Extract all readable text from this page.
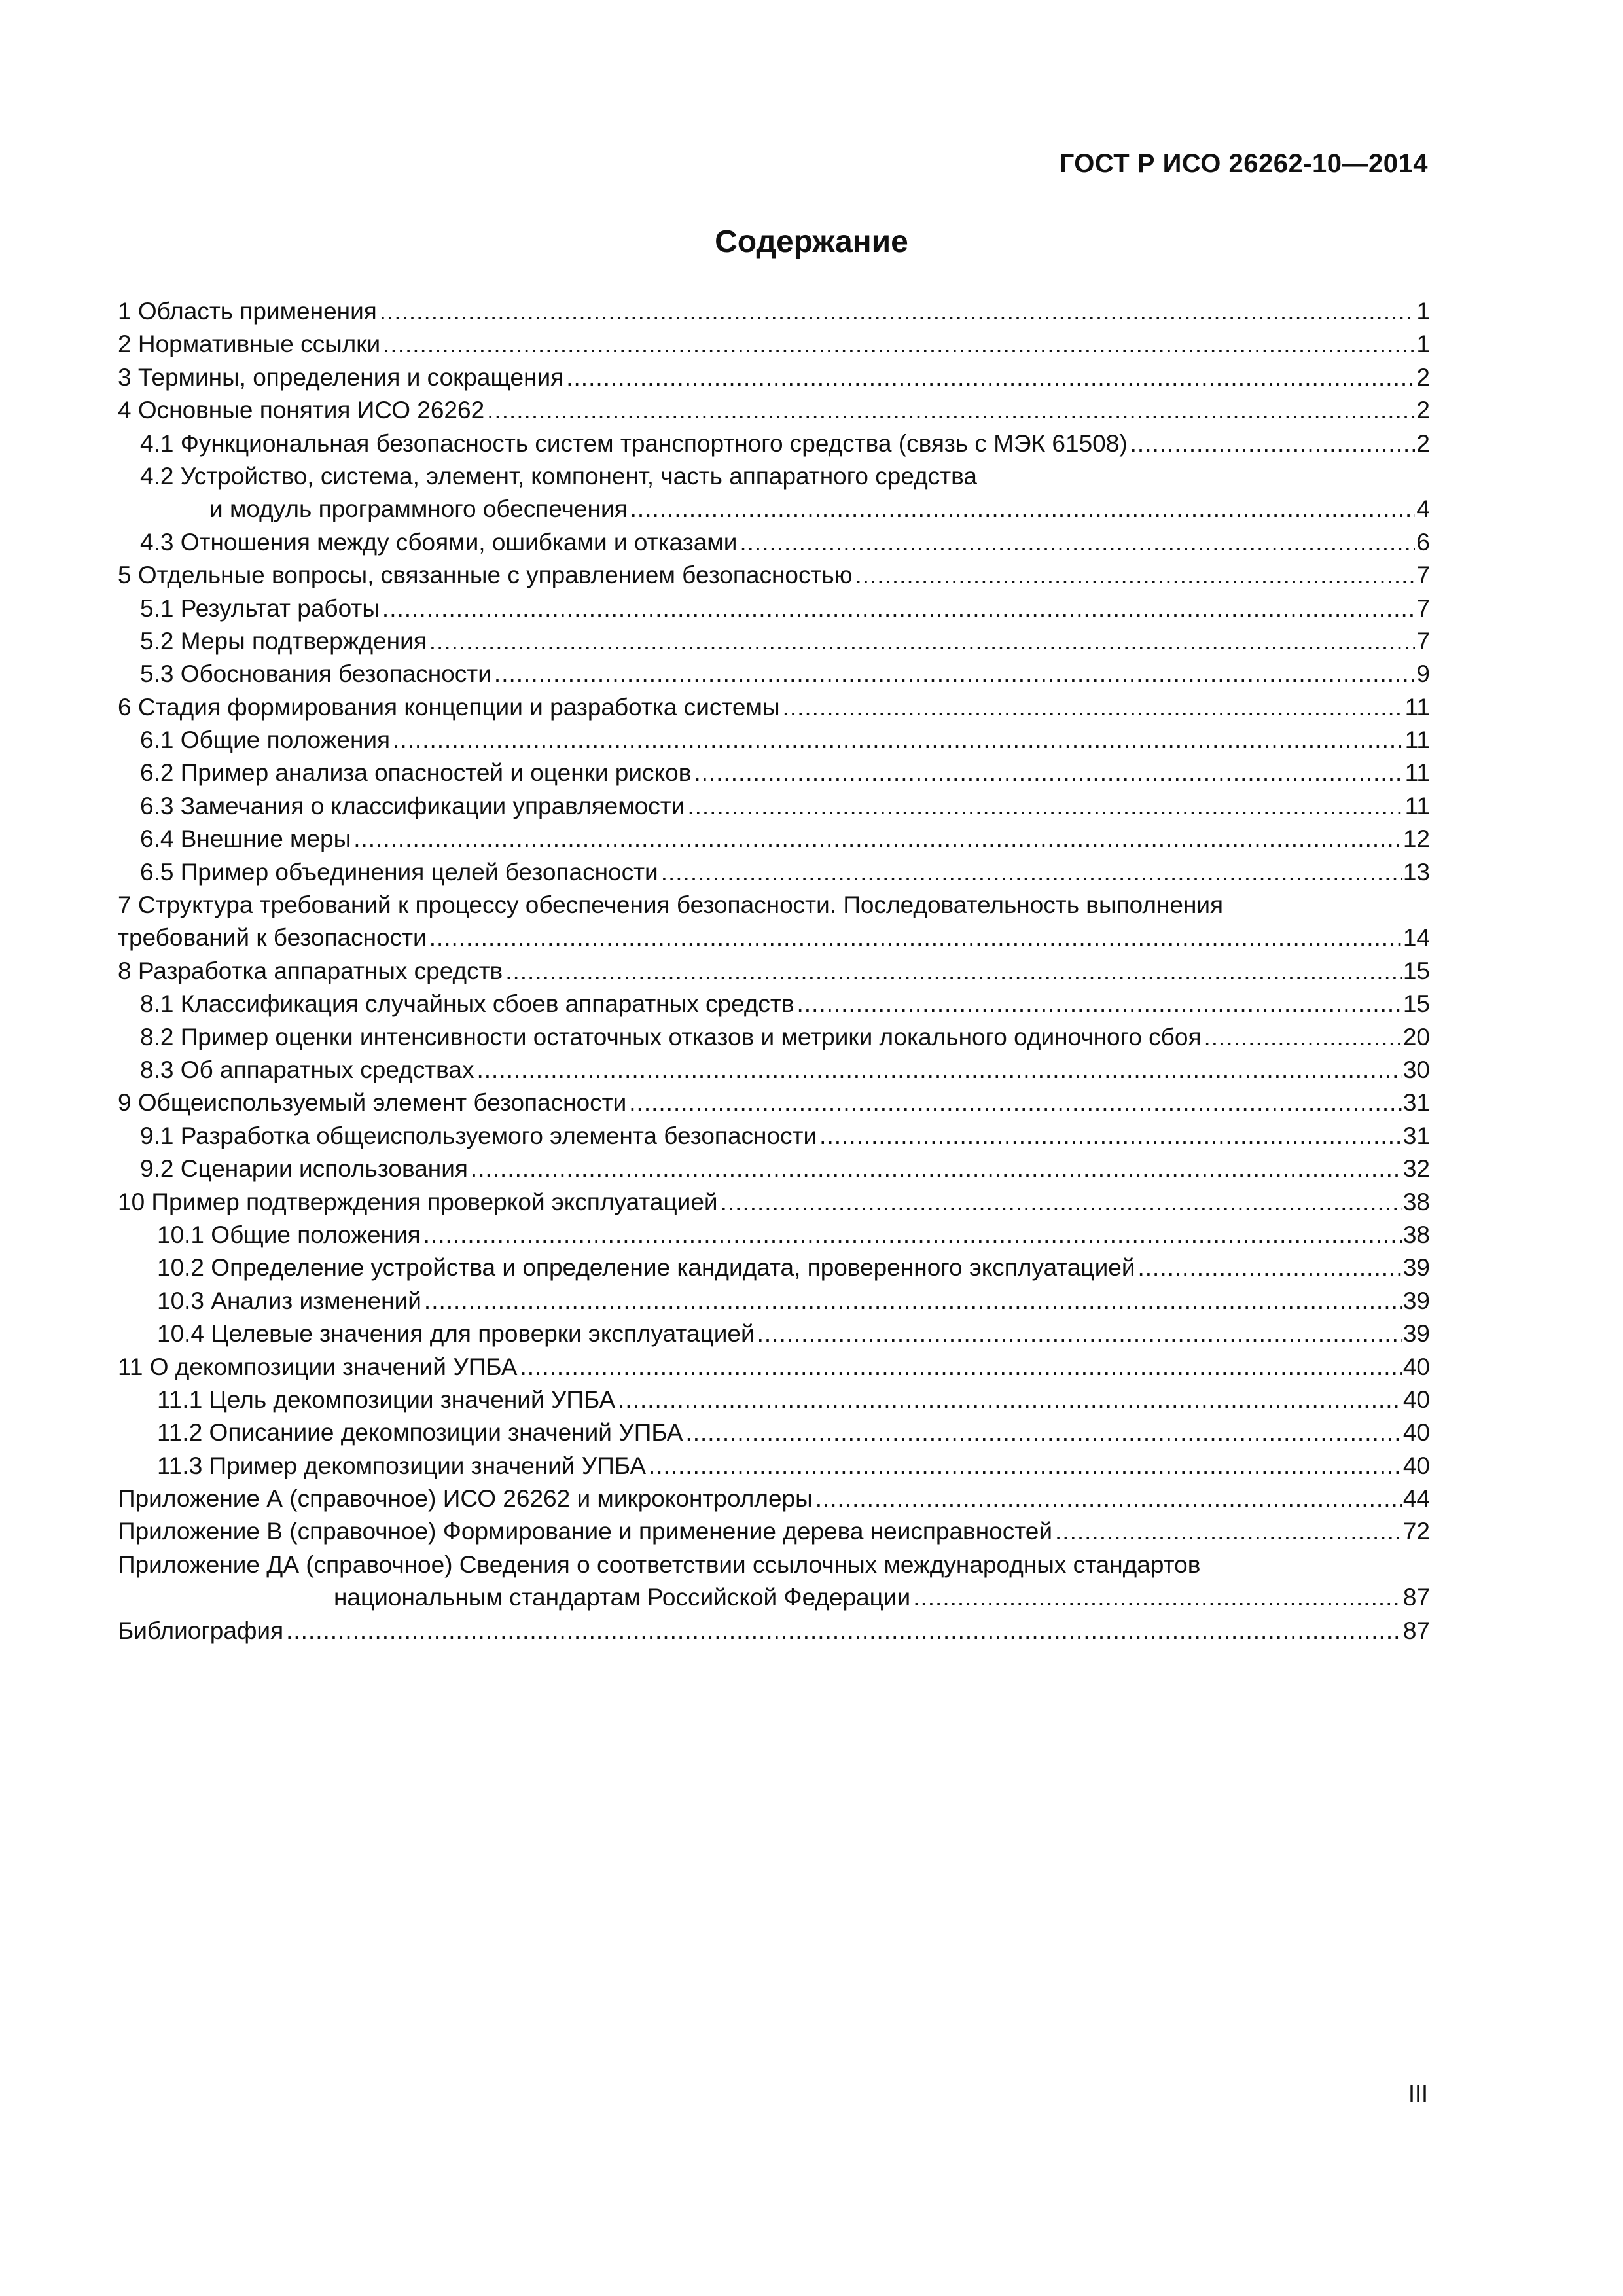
ГОСТ Р ИСО 26262-10—2014
Содержание
1 Область применения .....	1
2 Нормативные ссылки .....	1
3 Термины, определения и сокращения .....	2
4 Основные понятия ИСО 26262 .....	2
4.1 Функциональная безопасность систем транспортного средства (связь с МЭК 61508) .....	2
4.2 Устройство, система, элемент, компонент, часть аппаратного средства
и модуль программного обеспечения .....	4
4.3 Отношения между сбоями, ошибками и отказами .....	6
5 Отдельные вопросы, связанные с управлением безопасностью .....	7
5.1 Результат работы .....	7
5.2 Меры подтверждения .....	7
5.3 Обоснования безопасности .....	9
6 Стадия формирования концепции и разработка системы .....	11
6.1 Общие положения .....	11
6.2 Пример анализа опасностей и оценки рисков .....	11
6.3 Замечания о классификации управляемости .....	11
6.4 Внешние меры .....	12
6.5 Пример объединения целей безопасности .....	13
7 Структура требований к процессу обеспечения безопасности. Последовательность выполнения
требований к безопасности .....	14
8 Разработка аппаратных средств .....	15
8.1 Классификация случайных сбоев аппаратных средств .....	15
8.2 Пример оценки интенсивности остаточных отказов и метрики локального одиночного сбоя .....	20
8.3 Об аппаратных средствах .....	30
9 Общеиспользуемый элемент безопасности .....	31
9.1 Разработка общеиспользуемого элемента безопасности .....	31
9.2 Сценарии использования .....	32
10 Пример подтверждения проверкой эксплуатацией .....	38
10.1 Общие положения .....	38
10.2 Определение устройства и определение кандидата, проверенного эксплуатацией .....	39
10.3 Анализ изменений .....	39
10.4 Целевые значения для проверки эксплуатацией .....	39
11 О декомпозиции значений УПБА .....	40
11.1 Цель декомпозиции значений УПБА .....	40
11.2 Описаниие декомпозиции значений УПБА .....	40
11.3 Пример декомпозиции значений УПБА .....	40
Приложение А (справочное) ИСО 26262 и микроконтроллеры .....	44
Приложение В (справочное) Формирование и применение дерева неисправностей .....	72
Приложение ДА (справочное) Сведения о соответствии ссылочных международных стандартов
национальным стандартам Российской Федерации .....	87
Библиография .....	87
III
